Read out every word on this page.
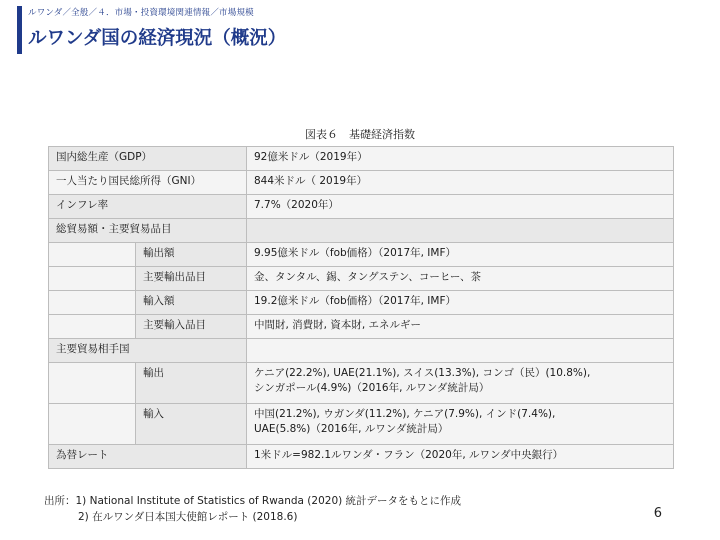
ルワンダ／全般／４．市場・投資環境関連情報／市場規模
ルワンダ国の経済現況（概況）
図表６　基礎経済指数
国内総生産（GDP）		92億米ドル（2019年）
一人当たり国民総所得（GNI）		844米ドル（ 2019年）
インフレ率		7.7%（2020年）
総貿易額・主要貿易品目		
	輸出額	9.95億米ドル（fob価格）（2017年, IMF）
	主要輸出品目	金、タンタル、錫、タングステン、コーヒー、茶
	輸入額	19.2億米ドル（fob価格）（2017年, IMF）
	主要輸入品目	中間財, 消費財, 資本財, エネルギー
主要貿易相手国		
	輸出	ケニア(22.2%), UAE(21.1%), スイス(13.3%), コンゴ（民）(10.8%),
シンガポール(4.9%)（2016年, ルワンダ統計局）

	輸入	中国(21.2%), ウガンダ(11.2%), ケニア(7.9%), インド(7.4%),
UAE(5.8%)（2016年, ルワンダ統計局）

為替レート		1米ドル=982.1ルワンダ・フラン（2020年, ルワンダ中央銀行）
出所：1) National Institute of Statistics of Rwanda (2020) 統計データをもとに作成
2) 在ルワンダ日本国大使館レポート (2018.6)	6
